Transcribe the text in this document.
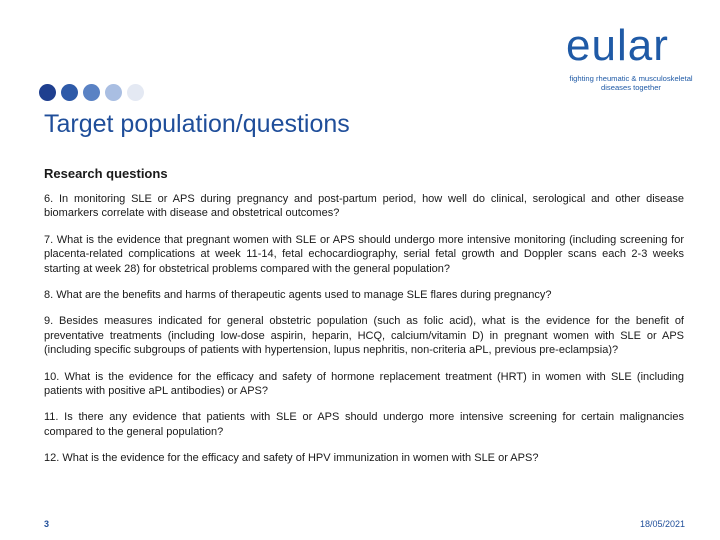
eular
fighting rheumatic & musculoskeletal
diseases together
Target population/questions
Research questions

6. In monitoring SLE or APS during pregnancy and post-partum period, how well do clinical, serological and other disease biomarkers correlate with disease and obstetrical outcomes?

7. What is the evidence that pregnant women with SLE or APS should undergo more intensive monitoring (including screening for placenta-related complications at week 11-14, fetal echocardiography, serial fetal growth and Doppler scans each 2-3 weeks starting at week 28) for obstetrical problems compared with the general population?

8. What are the benefits and harms of therapeutic agents used to manage SLE flares during pregnancy?

9. Besides measures indicated for general obstetric population (such as folic acid), what is the evidence for the benefit of preventative treatments (including low-dose aspirin, heparin, HCQ, calcium/vitamin D) in pregnant women with SLE or APS (including specific subgroups of patients with hypertension, lupus nephritis, non-criteria aPL, previous pre-eclampsia)?

10. What is the evidence for the efficacy and safety of hormone replacement treatment (HRT) in women with SLE (including patients with positive aPL antibodies) or APS?

11. Is there any evidence that patients with SLE or APS should undergo more intensive screening for certain malignancies compared to the general population?

12. What is the evidence for the efficacy and safety of HPV immunization in women with SLE or APS?

3	18/05/2021
